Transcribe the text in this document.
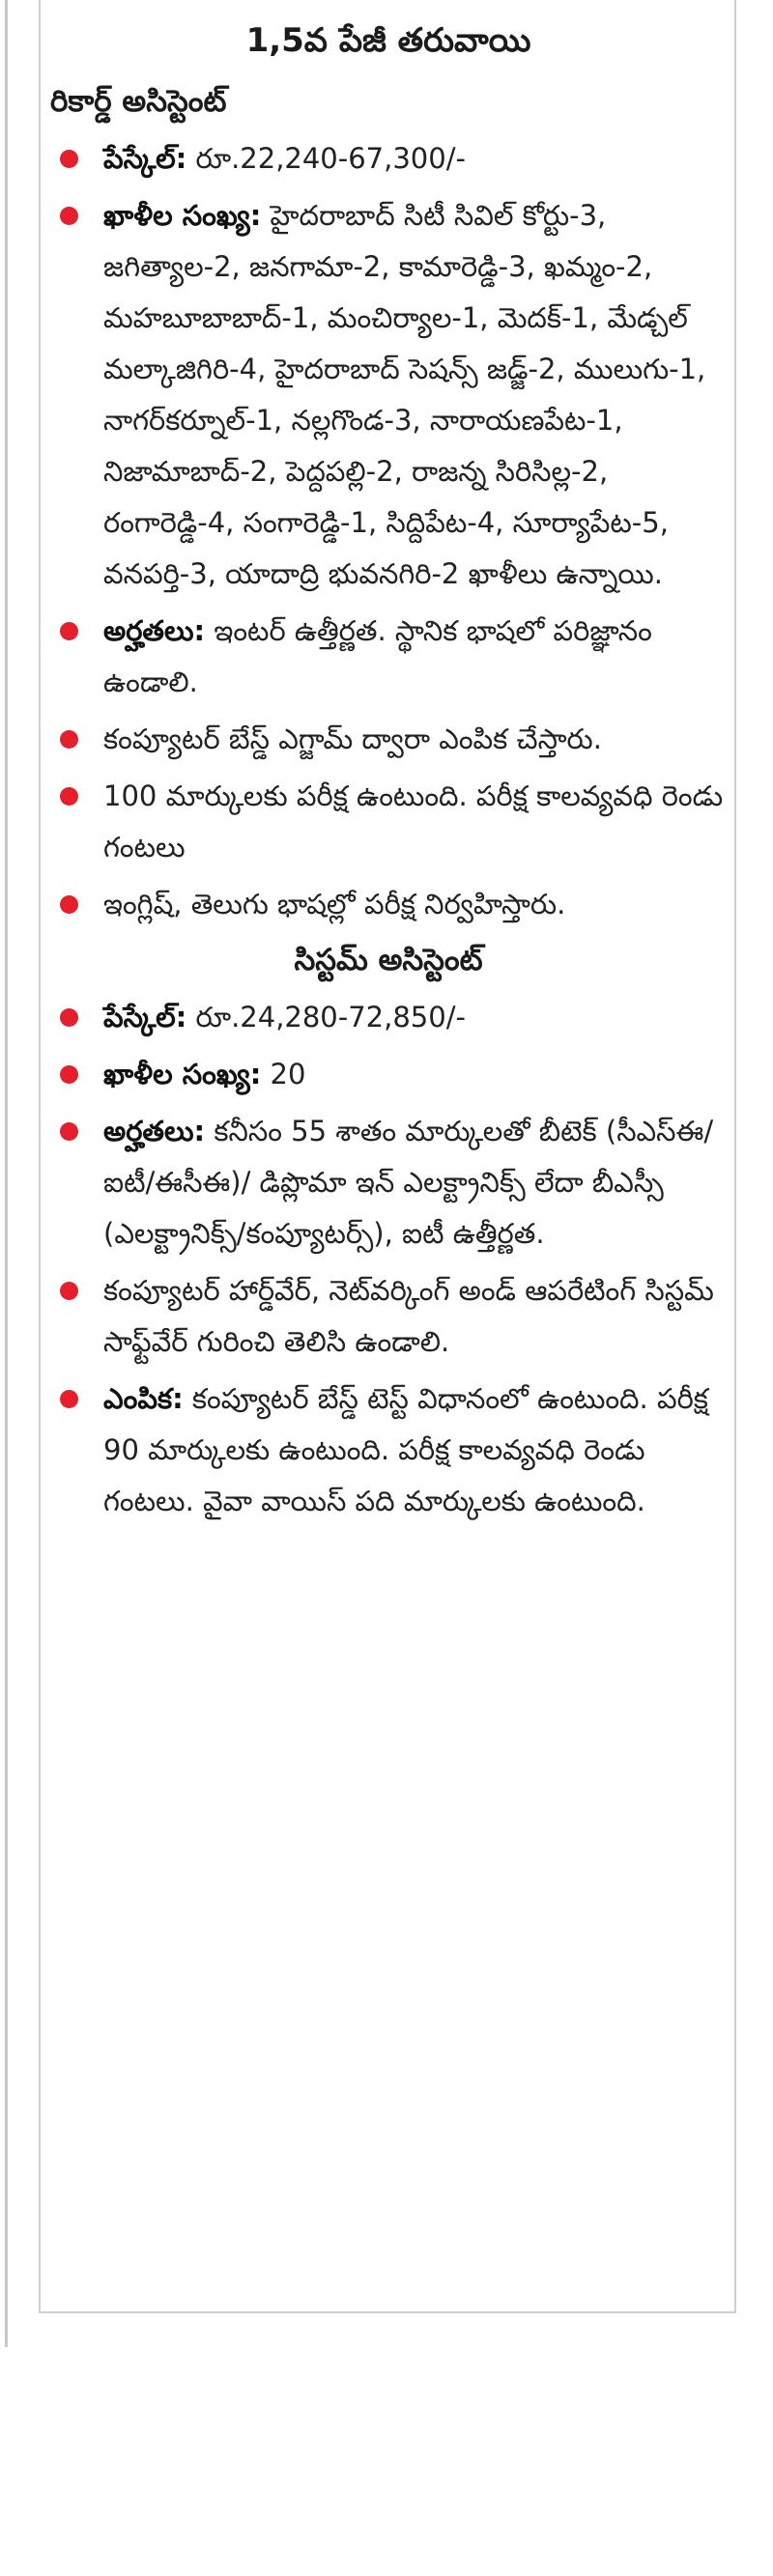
1,5వ పేజీ తరువాయి
రికార్డ్ అసిస్టెంట్
పేస్కేల్: రూ.22,240-67,300/-
ఖాళీల సంఖ్య: హైదరాబాద్ సిటీ సివిల్ కోర్టు-3, జగిత్యాల-2, జనగామా-2, కామారెడ్డి-3, ఖమ్మం-2, మహబూబాబాద్-1, మంచిర్యాల-1, మెదక్-1, మేడ్చల్ మల్కాజిగిరి-4, హైదరాబాద్ సెషన్స్ జడ్జ్-2, ములుగు-1, నాగర్‌కర్నూల్-1, నల్లగొండ-3, నారాయణపేట-1, నిజామాబాద్-2, పెద్దపల్లి-2, రాజన్న సిరిసిల్ల-2, రంగారెడ్డి-4, సంగారెడ్డి-1, సిద్దిపేట-4, సూర్యాపేట-5, వనపర్తి-3, యాదాద్రి భువనగిరి-2 ఖాళీలు ఉన్నాయి.
అర్హతలు: ఇంటర్ ఉత్తీర్ణత. స్థానిక భాషలో పరిజ్ఞానం ఉండాలి.
కంప్యూటర్ బేస్డ్ ఎగ్జామ్ ద్వారా ఎంపిక చేస్తారు.
100 మార్కులకు పరీక్ష ఉంటుంది. పరీక్ష కాలవ్యవధి రెండు గంటలు
ఇంగ్లిష్, తెలుగు భాషల్లో పరీక్ష నిర్వహిస్తారు.
సిస్టమ్ అసిస్టెంట్
పేస్కేల్: రూ.24,280-72,850/-
ఖాళీల సంఖ్య: 20
అర్హతలు: కనీసం 55 శాతం మార్కులతో బీటెక్ (సీఎస్ఈ/ఐటీ/ఈసీఈ)/ డిప్లొమా ఇన్ ఎలక్ట్రానిక్స్ లేదా బీఎస్సీ (ఎలక్ట్రానిక్స్/కంప్యూటర్స్), ఐటీ ఉత్తీర్ణత.
కంప్యూటర్ హార్డ్‌వేర్, నెట్‌వర్కింగ్ అండ్ ఆపరేటింగ్ సిస్టమ్ సాఫ్ట్‌వేర్ గురించి తెలిసి ఉండాలి.
ఎంపిక: కంప్యూటర్ బేస్డ్ టెస్ట్ విధానంలో ఉంటుంది. పరీక్ష 90 మార్కులకు ఉంటుంది. పరీక్ష కాలవ్యవధి రెండు గంటలు. వైవా వాయిస్ పది మార్కులకు ఉంటుంది.
